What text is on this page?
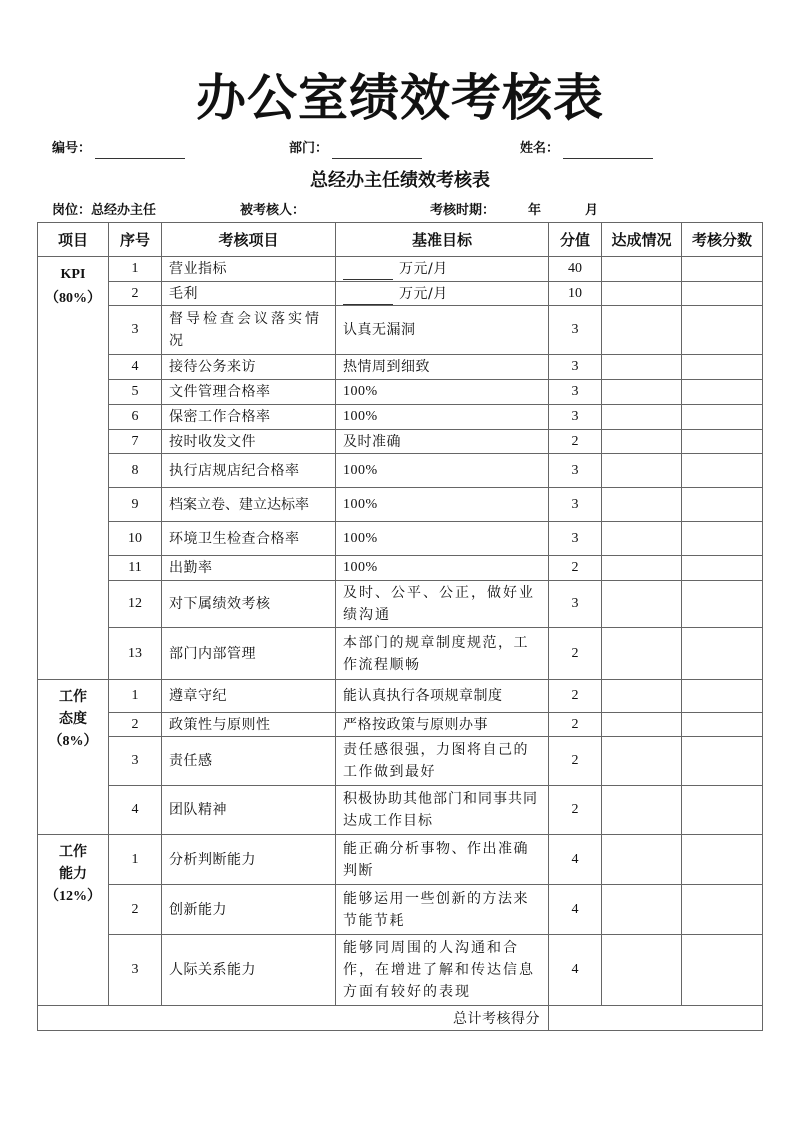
办公室绩效考核表
编号：	部门：	姓名：
总经办主任绩效考核表
岗位：总经办主任	被考核人：	考核时期：	年	月
项目	序号	考核项目	基准目标	分值	达成情况	考核分数

KPI
（80%）	1	营业指标	万元/月	40		
	2	毛利	万元/月	10		
	3	督导检查会议落实情况	认真无漏洞	3		
	4	接待公务来访	热情周到细致	3		
	5	文件管理合格率	100%	3		
	6	保密工作合格率	100%	3		
	7	按时收发文件	及时准确	2		
	8	执行店规店纪合格率	100%	3		
	9	档案立卷、建立达标率	100%	3		
	10	环境卫生检查合格率	100%	3		
	11	出勤率	100%	2		
	12	对下属绩效考核	及时、公平、公正，做好业绩沟通	3		
	13	部门内部管理	本部门的规章制度规范，工作流程顺畅	2		

工作态度
（8%）	1	遵章守纪	能认真执行各项规章制度	2		
	2	政策性与原则性	严格按政策与原则办事	2		
	3	责任感	责任感很强，力图将自己的工作做到最好	2		
	4	团队精神	积极协助其他部门和同事共同达成工作目标	2		

工作能力
（12%）	1	分析判断能力	能正确分析事物、作出准确判断	4		
	2	创新能力	能够运用一些创新的方法来节能节耗	4		
	3	人际关系能力	能够同周围的人沟通和合作，在增进了解和传达信息方面有较好的表现	4		
总计考核得分						
